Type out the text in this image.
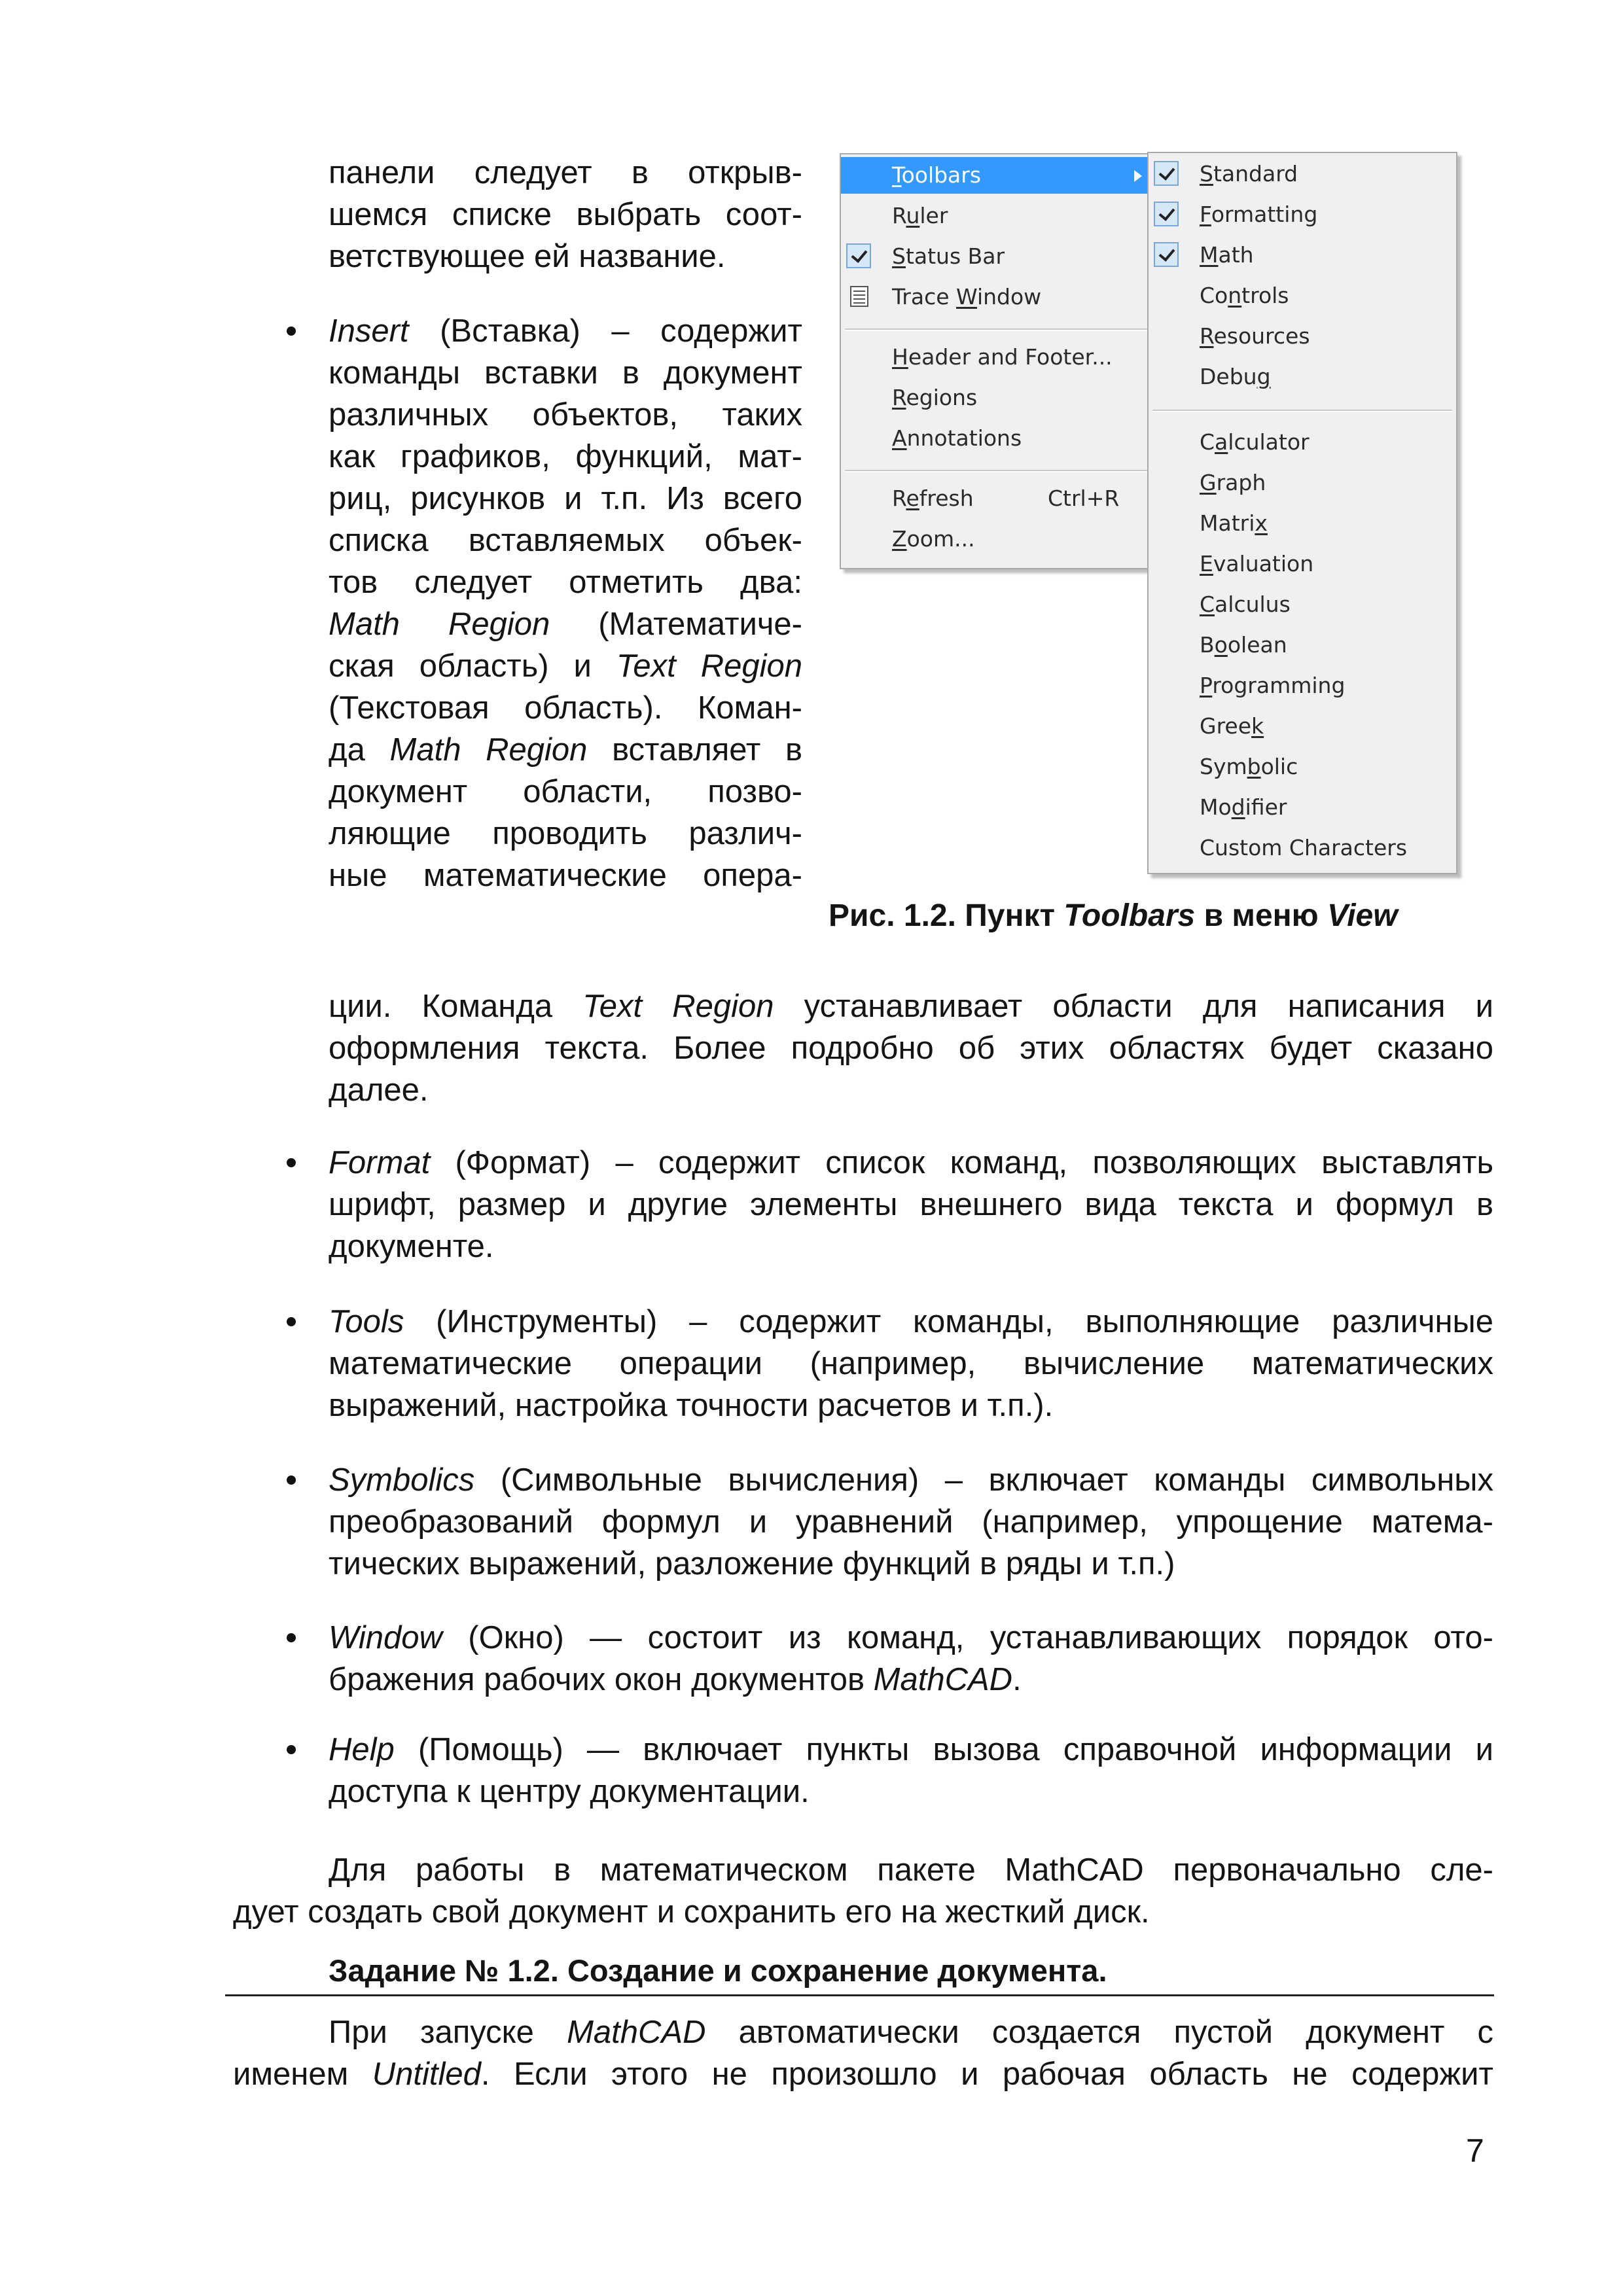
панели следует в открыв-
шемся списке выбрать соот-
ветствующее ей название.
Insert (Вставка) – содержит
команды вставки в документ
различных объектов, таких
как графиков, функций, мат-
риц, рисунков и т.п. Из всего
списка вставляемых объек-
тов следует отметить два:
Math Region (Математиче-
ская область) и Text Region
(Текстовая область). Коман-
да Math Region вставляет в
документ области, позво-
ляющие проводить различ-
ные математические опера-
ции. Команда Text Region устанавливает области для написания и
оформления текста. Более подробно об этих областях будет сказано
далее.
Toolbars
Ruler
Status Bar
Trace Window
Header and Footer...
Regions
Annotations
Refresh	Ctrl+R
Zoom...
Standard
Formatting
Math
Controls
Resources
Debug
Calculator
Graph
Matrix
Evaluation
Calculus
Boolean
Programming
Greek
Symbolic
Modifier
Custom Characters
Рис. 1.2. Пункт Toolbars в меню View
Format (Формат) – содержит список команд, позволяющих выставлять
шрифт, размер и другие элементы внешнего вида текста и формул в
документе.
Tools (Инструменты) – содержит команды, выполняющие различные
математические операции (например, вычисление математических
выражений, настройка точности расчетов и т.п.).
Symbolics (Символьные вычисления) – включает команды символьных
преобразований формул и уравнений (например, упрощение матема-
тических выражений, разложение функций в ряды и т.п.)
Window (Окно) — состоит из команд, устанавливающих порядок ото-
бражения рабочих окон документов MathCAD.
Help (Помощь) — включает пункты вызова справочной информации и
доступа к центру документации.
Для работы в математическом пакете MathCAD первоначально сле-
дует создать свой документ и сохранить его на жесткий диск.
Задание № 1.2. Создание и сохранение документа.
При запуске MathCAD автоматически создается пустой документ с
именем Untitled. Если этого не произошло и рабочая область не содержит
7
